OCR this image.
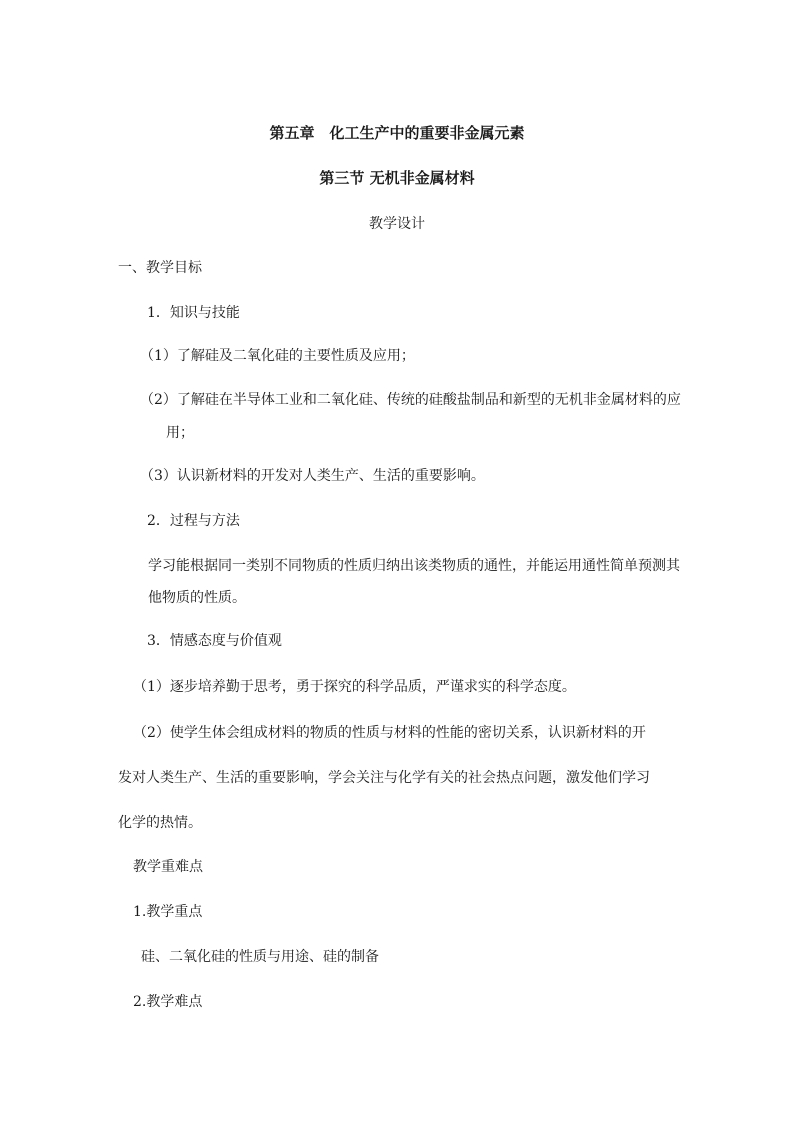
第五章　化工生产中的重要非金属元素

第三节 无机非金属材料

教学设计

一、教学目标

1．知识与技能

（1）了解硅及二氧化硅的主要性质及应用；

（2）了解硅在半导体工业和二氧化硅、传统的硅酸盐制品和新型的无机非金属材料的应

用；

（3）认识新材料的开发对人类生产、生活的重要影响。

2．过程与方法

学习能根据同一类别不同物质的性质归纳出该类物质的通性，并能运用通性简单预测其

他物质的性质。

3．情感态度与价值观

（1）逐步培养勤于思考，勇于探究的科学品质，严谨求实的科学态度。

（2）使学生体会组成材料的物质的性质与材料的性能的密切关系，认识新材料的开

发对人类生产、生活的重要影响，学会关注与化学有关的社会热点问题，激发他们学习

化学的热情。

教学重难点

1.教学重点

硅、二氧化硅的性质与用途、硅的制备

2.教学难点
